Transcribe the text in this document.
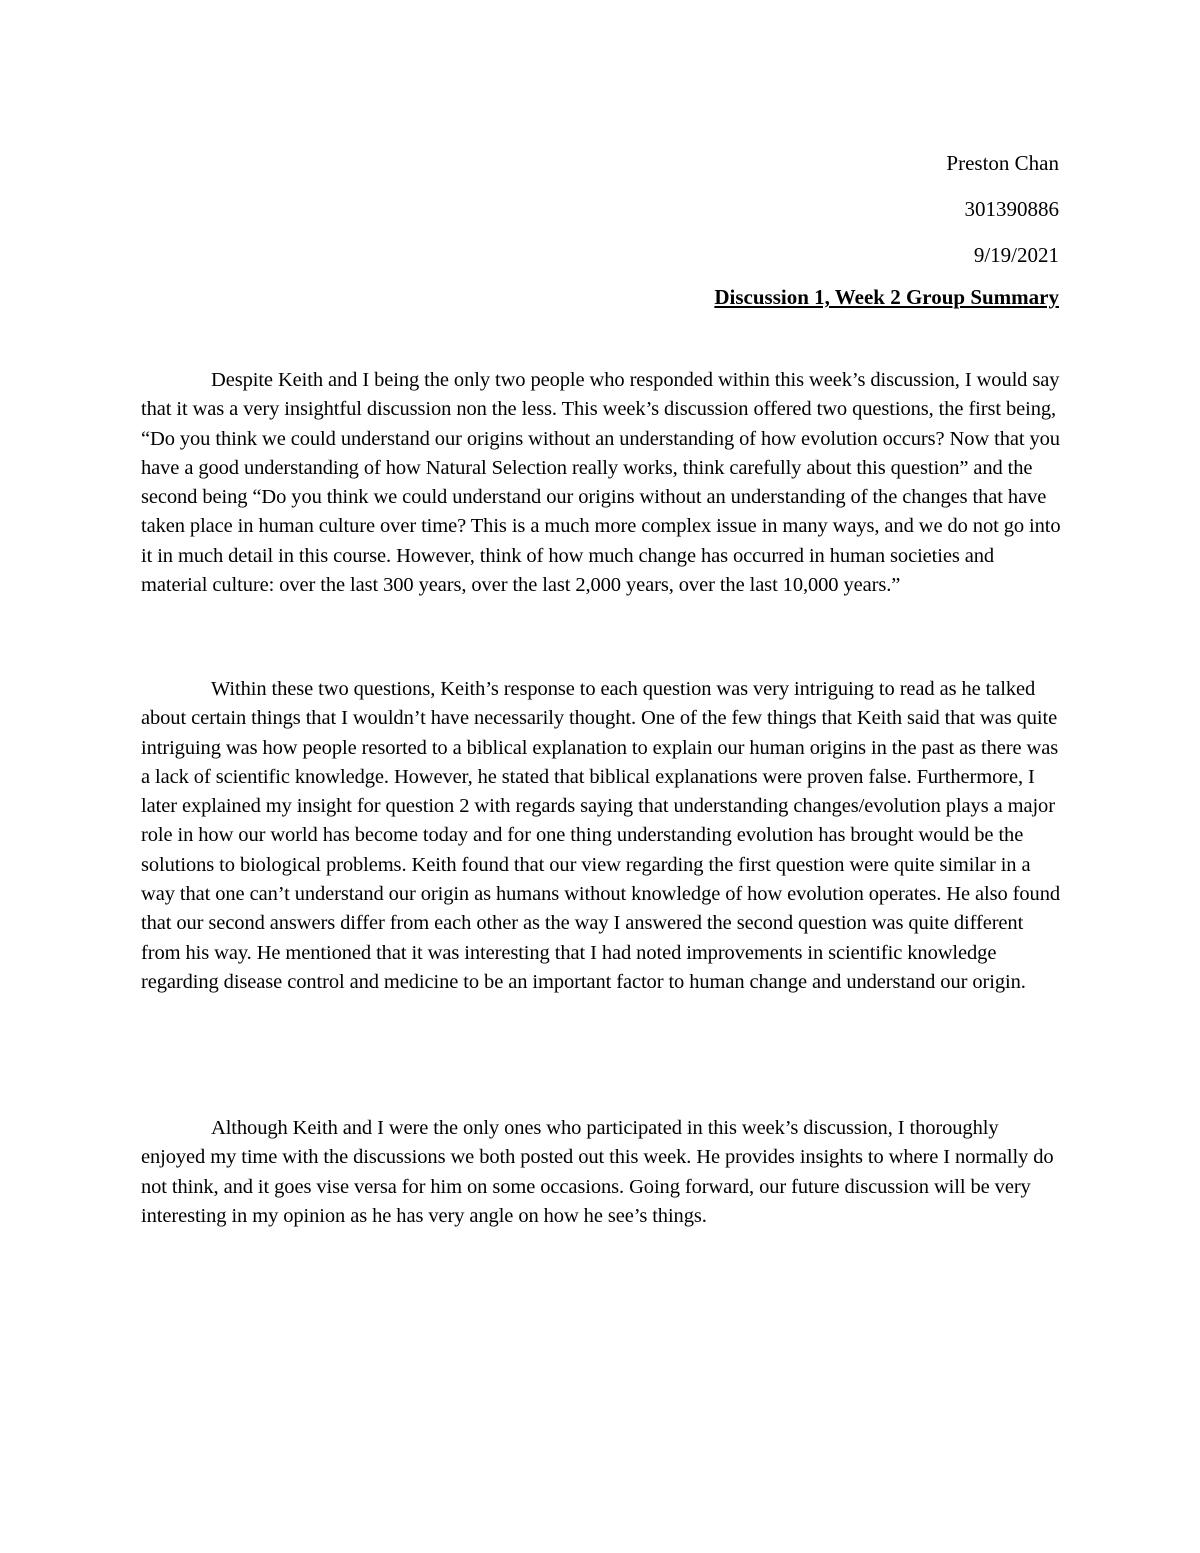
Preston Chan
301390886
9/19/2021
Discussion 1, Week 2 Group Summary

Despite Keith and I being the only two people who responded within this week’s discussion, I would say that it was a very insightful discussion non the less. This week’s discussion offered two questions, the first being, “Do you think we could understand our origins without an understanding of how evolution occurs? Now that you have a good understanding of how Natural Selection really works, think carefully about this question” and the second being “Do you think we could understand our origins without an understanding of the changes that have taken place in human culture over time? This is a much more complex issue in many ways, and we do not go into it in much detail in this course. However, think of how much change has occurred in human societies and material culture: over the last 300 years, over the last 2,000 years, over the last 10,000 years.”

Within these two questions, Keith’s response to each question was very intriguing to read as he talked about certain things that I wouldn’t have necessarily thought. One of the few things that Keith said that was quite intriguing was how people resorted to a biblical explanation to explain our human origins in the past as there was a lack of scientific knowledge. However, he stated that biblical explanations were proven false. Furthermore, I later explained my insight for question 2 with regards saying that understanding changes/evolution plays a major role in how our world has become today and for one thing understanding evolution has brought would be the solutions to biological problems. Keith found that our view regarding the first question were quite similar in a way that one can’t understand our origin as humans without knowledge of how evolution operates. He also found that our second answers differ from each other as the way I answered the second question was quite different from his way. He mentioned that it was interesting that I had noted improvements in scientific knowledge regarding disease control and medicine to be an important factor to human change and understand our origin.

Although Keith and I were the only ones who participated in this week’s discussion, I thoroughly enjoyed my time with the discussions we both posted out this week. He provides insights to where I normally do not think, and it goes vise versa for him on some occasions. Going forward, our future discussion will be very interesting in my opinion as he has very angle on how he see’s things.
